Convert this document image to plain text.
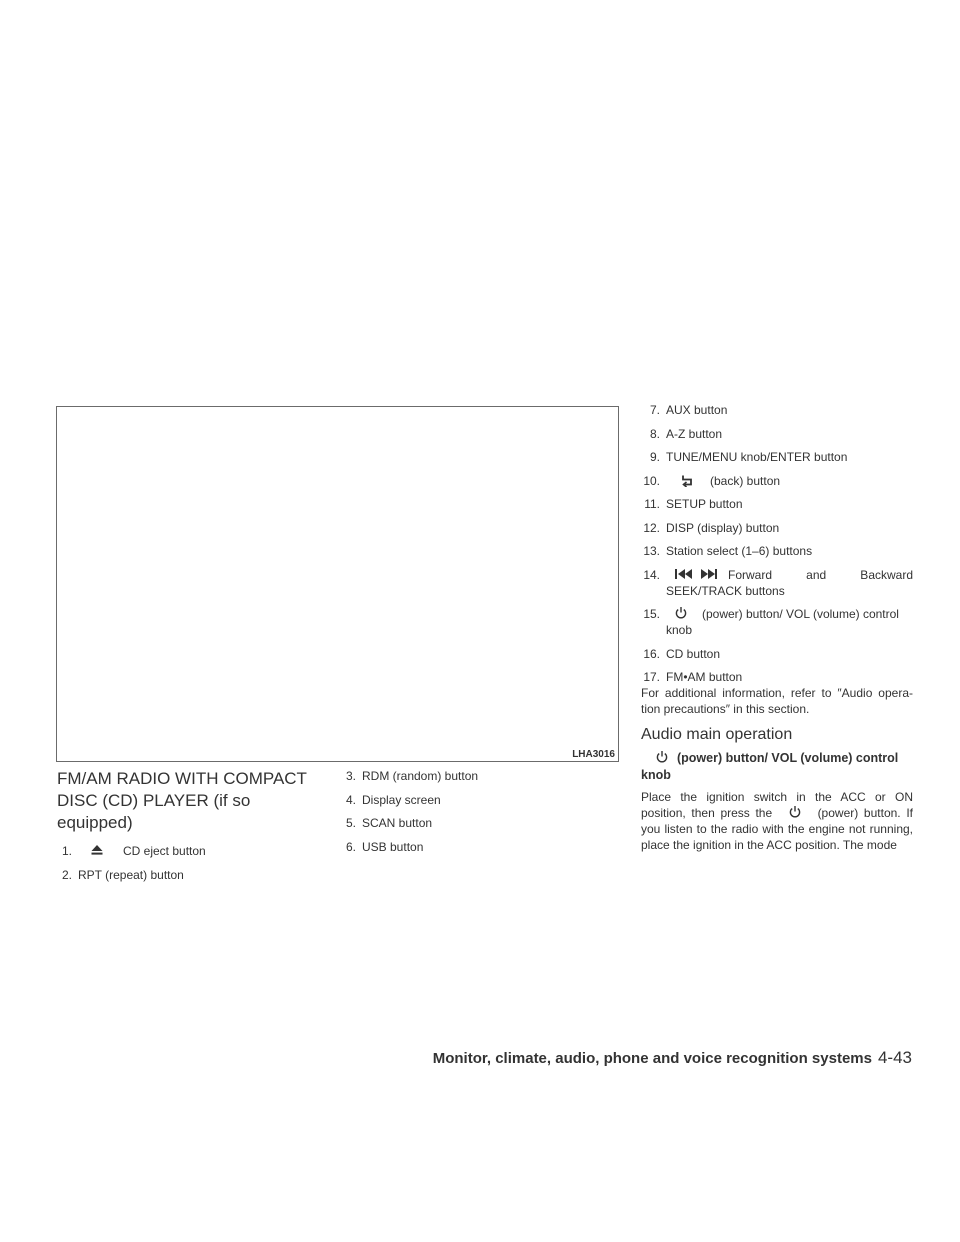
LHA3016
FM/AM RADIO WITH COMPACT DISC (CD) PLAYER (if so equipped)
1.	CD eject button
2. RPT (repeat) button
3. RDM (random) button
4. Display screen
5. SCAN button
6. USB button
7. AUX button
8. A-Z button
9. TUNE/MENU knob/ENTER button
10.	(back) button
11. SETUP button
12. DISP (display) button
13. Station select (1–6) buttons
14.	Forward and Backward
SEEK/TRACK buttons
15.	(power) button/ VOL (volume) control
knob
16. CD button
17. FM•AM button

For additional information, refer to ″Audio opera-tion precautions″ in this section.

Audio main operation

(power) button/ VOL (volume) control knob

Place the ignition switch in the ACC or ON position, then press the	(power) button. If you listen to the radio with the engine not running, place the ignition in the ACC position. The mode

Monitor, climate, audio, phone and voice recognition systems 4-43
